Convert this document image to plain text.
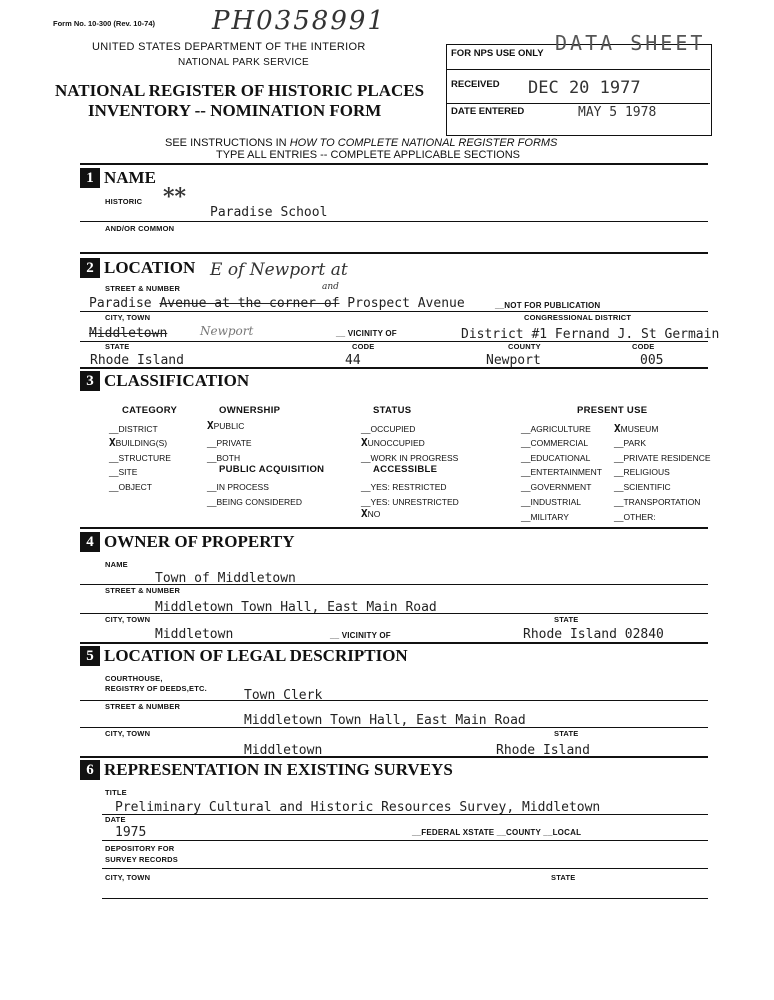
Form No. 10-300 (Rev. 10-74) PH0358991
UNITED STATES DEPARTMENT OF THE INTERIOR
NATIONAL PARK SERVICE
NATIONAL REGISTER OF HISTORIC PLACES
INVENTORY -- NOMINATION FORM
FOR NPS USE ONLY DATA SHEET
RECEIVED DEC 20 1977
DATE ENTERED	MAY 5 1978
SEE INSTRUCTIONS IN HOW TO COMPLETE NATIONAL REGISTER FORMS
TYPE ALL ENTRIES -- COMPLETE APPLICABLE SECTIONS
1 NAME
HISTORIC **
Paradise School
AND/OR COMMON
2 LOCATION E of Newport at
and
STREET & NUMBER
Paradise Avenue at the corner of Prospect Avenue	__NOT FOR PUBLICATION
CITY, TOWN	CONGRESSIONAL DISTRICT
Middletown	Newport	__ VICINITY OF	District #1 Fernand J. St Germain
STATE	CODE	COUNTY	CODE
Rhode Island	44	Newport	005
3 CLASSIFICATION
CATEGORY
__DISTRICT
XBUILDING(S)
__STRUCTURE
__SITE
__OBJECT
OWNERSHIP
XPUBLIC
__PRIVATE
__BOTH
PUBLIC ACQUISITION
__IN PROCESS
__BEING CONSIDERED
STATUS
__OCCUPIED
XUNOCCUPIED
__WORK IN PROGRESS
ACCESSIBLE
__YES: RESTRICTED
__YES: UNRESTRICTED
XNO
PRESENT USE
__AGRICULTURE
__COMMERCIAL
__EDUCATIONAL
__ENTERTAINMENT
__GOVERNMENT
__INDUSTRIAL
__MILITARY
XMUSEUM
__PARK
__PRIVATE RESIDENCE
__RELIGIOUS
__SCIENTIFIC
__TRANSPORTATION
__OTHER:
4 OWNER OF PROPERTY
NAME
Town of Middletown
STREET & NUMBER
Middletown Town Hall, East Main Road
CITY, TOWN	STATE
Middletown	__ VICINITY OF	Rhode Island 02840
5 LOCATION OF LEGAL DESCRIPTION
COURTHOUSE,
REGISTRY OF DEEDS,ETC.	Town Clerk
STREET & NUMBER
Middletown Town Hall, East Main Road
CITY, TOWN	STATE
Middletown	Rhode Island
6 REPRESENTATION IN EXISTING SURVEYS
TITLE
Preliminary Cultural and Historic Resources Survey, Middletown
DATE
1975	__FEDERAL XSTATE __COUNTY __LOCAL
DEPOSITORY FOR
SURVEY RECORDS
CITY, TOWN	STATE
